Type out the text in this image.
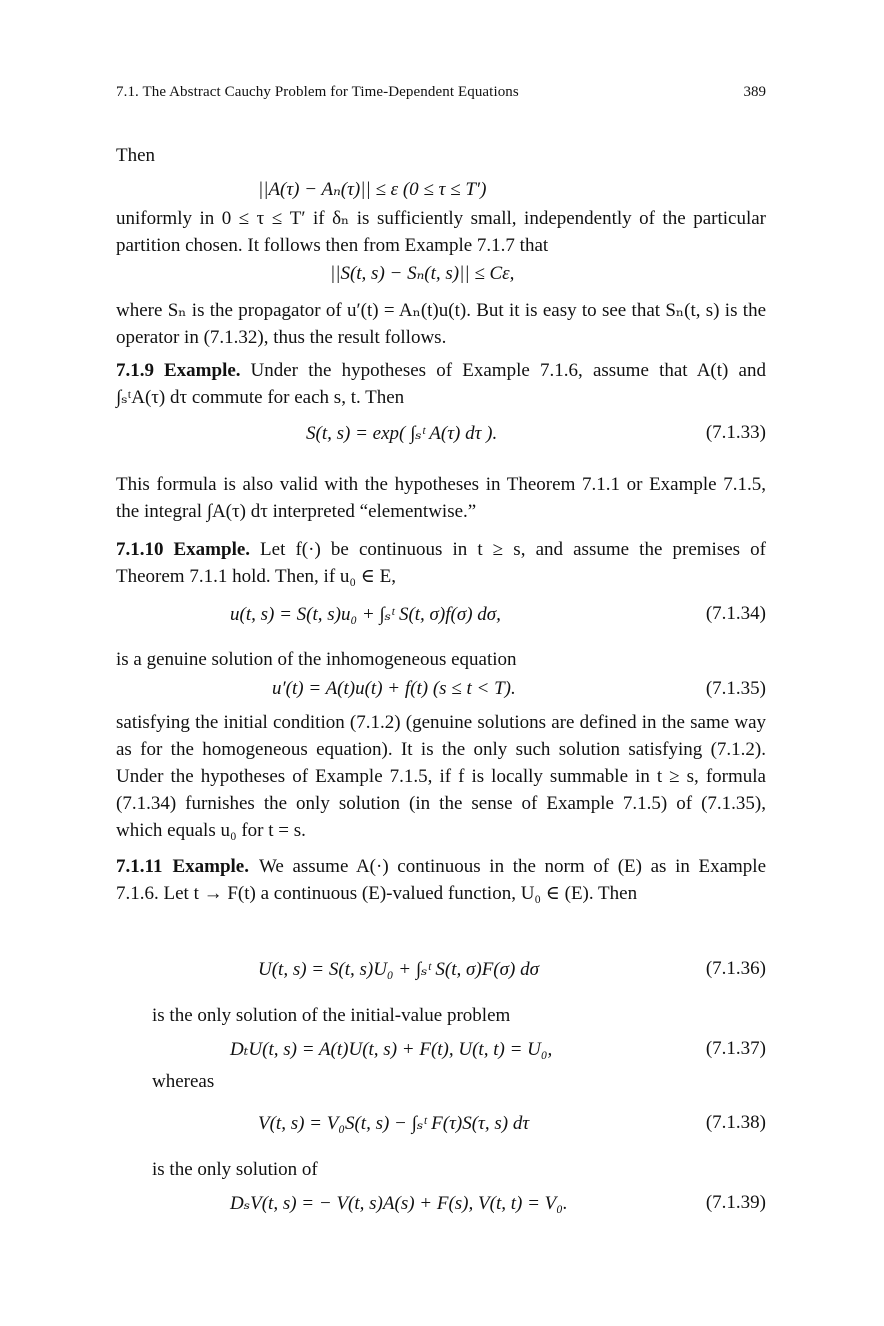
7.1. The Abstract Cauchy Problem for Time-Dependent Equations	389
Then
||A(τ) − Aₙ(τ)|| ≤ ε (0 ≤ τ ≤ T′)
uniformly in 0 ≤ τ ≤ T′ if δₙ is sufficiently small, independently of the particular partition chosen. It follows then from Example 7.1.7 that
||S(t, s) − Sₙ(t, s)|| ≤ Cε,
where Sₙ is the propagator of u′(t) = Aₙ(t)u(t). But it is easy to see that Sₙ(t, s) is the operator in (7.1.32), thus the result follows.
7.1.9 Example. Under the hypotheses of Example 7.1.6, assume that A(t) and ∫ₛᵗA(τ) dτ commute for each s, t. Then
S(t, s) = exp( ∫ₛᵗ A(τ) dτ ).	(7.1.33)
This formula is also valid with the hypotheses in Theorem 7.1.1 or Example 7.1.5, the integral ∫A(τ) dτ interpreted “elementwise.”
7.1.10 Example. Let f(·) be continuous in t ≥ s, and assume the premises of Theorem 7.1.1 hold. Then, if u₀ ∈ E,
u(t, s) = S(t, s)u₀ + ∫ₛᵗ S(t, σ)f(σ) dσ,	(7.1.34)
is a genuine solution of the inhomogeneous equation
u′(t) = A(t)u(t) + f(t) (s ≤ t < T).	(7.1.35)
satisfying the initial condition (7.1.2) (genuine solutions are defined in the same way as for the homogeneous equation). It is the only such solution satisfying (7.1.2). Under the hypotheses of Example 7.1.5, if f is locally summable in t ≥ s, formula (7.1.34) furnishes the only solution (in the sense of Example 7.1.5) of (7.1.35), which equals u₀ for t = s.
7.1.11 Example. We assume A(·) continuous in the norm of (E) as in Example 7.1.6. Let t → F(t) a continuous (E)-valued function, U₀ ∈ (E). Then
U(t, s) = S(t, s)U₀ + ∫ₛᵗ S(t, σ)F(σ) dσ	(7.1.36)
is the only solution of the initial-value problem
DₜU(t, s) = A(t)U(t, s) + F(t), U(t, t) = U₀,	(7.1.37)
whereas
V(t, s) = V₀S(t, s) − ∫ₛᵗ F(τ)S(τ, s) dτ	(7.1.38)
is the only solution of
DₛV(t, s) = − V(t, s)A(s) + F(s), V(t, t) = V₀.	(7.1.39)
